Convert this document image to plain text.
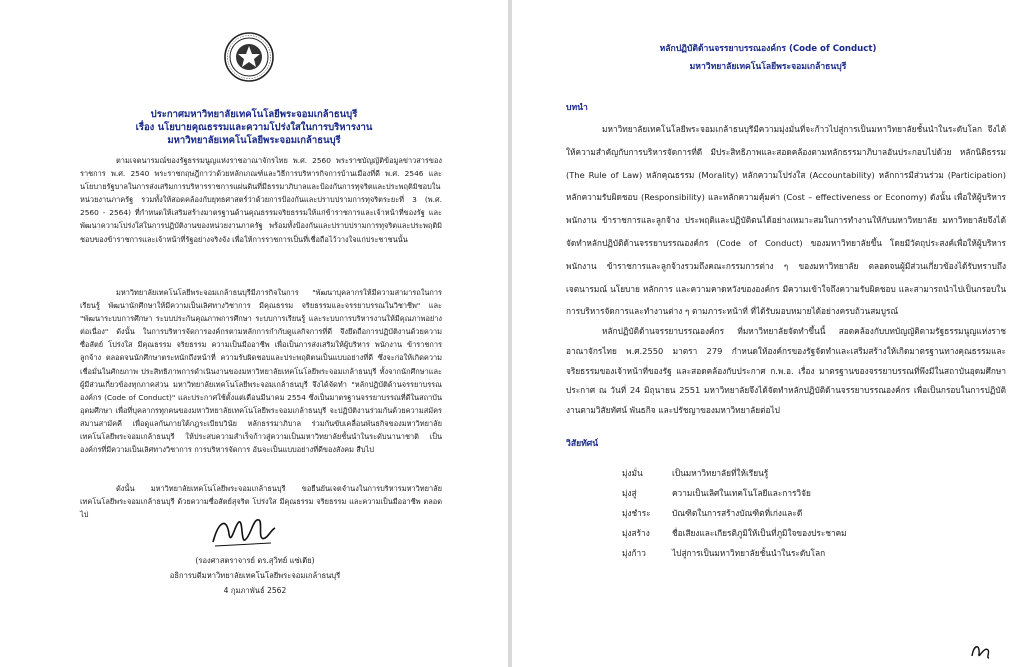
ประกาศมหาวิทยาลัยเทคโนโลยีพระจอมเกล้าธนบุรี

เรื่อง นโยบายคุณธรรมและความโปร่งใสในการบริหารงาน

มหาวิทยาลัยเทคโนโลยีพระจอมเกล้าธนบุรี

ตามเจตนารมณ์ของรัฐธรรมนูญแห่งราชอาณาจักรไทย พ.ศ. 2560 พระราชบัญญัติข้อมูลข่าวสารของราชการ พ.ศ. 2540 พระราชกฤษฎีกาว่าด้วยหลักเกณฑ์และวิธีการบริหารกิจการบ้านเมืองที่ดี พ.ศ. 2546 และนโยบายรัฐบาลในการส่งเสริมการบริหารราชการแผ่นดินที่มีธรรมาภิบาลและป้องกันการทุจริตและประพฤติมิชอบในหน่วยงานภาครัฐ รวมทั้งให้สอดคล้องกับยุทธศาสตร์ว่าด้วยการป้องกันและปราบปรามการทุจริตระยะที่ 3 (พ.ศ. 2560 - 2564) ที่กำหนดให้เสริมสร้างมาตรฐานด้านคุณธรรมจริยธรรมให้แก่ข้าราชการและเจ้าหน้าที่ของรัฐ และพัฒนาความโปร่งใสในการปฏิบัติงานของหน่วยงานภาครัฐ พร้อมทั้งป้องกันและปราบปรามการทุจริตและประพฤติมิชอบของข้าราชการและเจ้าหน้าที่รัฐอย่างจริงจัง เพื่อให้การราชการเป็นที่เชื่อถือไว้วางใจแก่ประชาชนนั้น

มหาวิทยาลัยเทคโนโลยีพระจอมเกล้าธนบุรีมีภารกิจในการ "พัฒนาบุคลากรให้มีความสามารถในการเรียนรู้ พัฒนานักศึกษาให้มีความเป็นเลิศทางวิชาการ มีคุณธรรม จริยธรรมและจรรยาบรรณในวิชาชีพ" และ "พัฒนาระบบการศึกษา ระบบประกันคุณภาพการศึกษา ระบบการเรียนรู้ และระบบการบริหารงานให้มีคุณภาพอย่างต่อเนื่อง" ดังนั้น ในการบริหารจัดการองค์กรตามหลักการกำกับดูแลกิจการที่ดี จึงยึดถือการปฏิบัติงานด้วยความซื่อสัตย์ โปร่งใส มีคุณธรรม จริยธรรม ความเป็นมืออาชีพ เพื่อเป็นการส่งเสริมให้ผู้บริหาร พนักงาน ข้าราชการ ลูกจ้าง ตลอดจนนักศึกษาตระหนักถึงหน้าที่ ความรับผิดชอบและประพฤติตนเป็นแบบอย่างที่ดี ซึ่งจะก่อให้เกิดความเชื่อมั่นในศักยภาพ ประสิทธิภาพการดำเนินงานของมหาวิทยาลัยเทคโนโลยีพระจอมเกล้าธนบุรี ทั้งจากนักศึกษาและผู้มีส่วนเกี่ยวข้องทุกภาคส่วน มหาวิทยาลัยเทคโนโลยีพระจอมเกล้าธนบุรี จึงได้จัดทำ "หลักปฏิบัติด้านจรรยาบรรณองค์กร (Code of Conduct)" และประกาศใช้ตั้งแต่เดือนมีนาคม 2554 ซึ่งเป็นมาตรฐานจรรยาบรรณที่ดีในสถาบันอุดมศึกษา เพื่อที่บุคลากรทุกคนของมหาวิทยาลัยเทคโนโลยีพระจอมเกล้าธนบุรี จะปฏิบัติงานร่วมกันด้วยความสมัครสมานสามัคคี เพื่อดูแลกันภายใต้กฎระเบียบวินัย หลักธรรมาภิบาล ร่วมกันขับเคลื่อนพันธกิจของมหาวิทยาลัยเทคโนโลยีพระจอมเกล้าธนบุรี ให้ประสบความสำเร็จก้าวสู่ความเป็นมหาวิทยาลัยชั้นนำในระดับนานาชาติ เป็นองค์กรที่มีความเป็นเลิศทางวิชาการ การบริหารจัดการ อันจะเป็นแบบอย่างที่ดีของสังคม สืบไป

ดังนั้น มหาวิทยาลัยเทคโนโลยีพระจอมเกล้าธนบุรี ขอยืนยันเจตจำนงในการบริหารมหาวิทยาลัยเทคโนโลยีพระจอมเกล้าธนบุรี ด้วยความซื่อสัตย์สุจริต โปร่งใส มีคุณธรรม จริยธรรม และความเป็นมืออาชีพ ตลอดไป

(รองศาสตราจารย์ ดร.สุวิทย์ แซ่เตีย)

อธิการบดีมหาวิทยาลัยเทคโนโลยีพระจอมเกล้าธนบุรี

4 กุมภาพันธ์ 2562

หลักปฏิบัติด้านจรรยาบรรณองค์กร (Code of Conduct)

มหาวิทยาลัยเทคโนโลยีพระจอมเกล้าธนบุรี

บทนำ

มหาวิทยาลัยเทคโนโลยีพระจอมเกล้าธนบุรีมีความมุ่งมั่นที่จะก้าวไปสู่การเป็นมหาวิทยาลัยชั้นนำในระดับโลก จึงได้ให้ความสำคัญกับการบริหารจัดการที่ดี มีประสิทธิภาพและสอดคล้องตามหลักธรรมาภิบาลอันประกอบไปด้วย หลักนิติธรรม (The Rule of Law) หลักคุณธรรม (Morality) หลักความโปร่งใส (Accountability) หลักการมีส่วนร่วม (Participation) หลักความรับผิดชอบ (Responsibility) และหลักความคุ้มค่า (Cost – effectiveness or Economy) ดังนั้น เพื่อให้ผู้บริหาร พนักงาน ข้าราชการและลูกจ้าง ประพฤติและปฏิบัติตนได้อย่างเหมาะสมในการทำงานให้กับมหาวิทยาลัย มหาวิทยาลัยจึงได้จัดทำหลักปฏิบัติด้านจรรยาบรรณองค์กร (Code of Conduct) ของมหาวิทยาลัยขึ้น โดยมีวัตถุประสงค์เพื่อให้ผู้บริหาร พนักงาน ข้าราชการและลูกจ้างรวมถึงคณะกรรมการต่าง ๆ ของมหาวิทยาลัย ตลอดจนผู้มีส่วนเกี่ยวข้องได้รับทราบถึงเจตนารมณ์ นโยบาย หลักการ และความคาดหวังขององค์กร มีความเข้าใจถึงความรับผิดชอบ และสามารถนำไปเป็นกรอบในการบริหารจัดการและทำงานต่าง ๆ ตามภาระหน้าที่ ที่ได้รับมอบหมายได้อย่างครบถ้วนสมบูรณ์

หลักปฏิบัติด้านจรรยาบรรณองค์กร ที่มหาวิทยาลัยจัดทำขึ้นนี้ สอดคล้องกับบทบัญญัติตามรัฐธรรมนูญแห่งราชอาณาจักรไทย พ.ศ.2550 มาตรา 279 กำหนดให้องค์กรของรัฐจัดทำและเสริมสร้างให้เกิดมาตรฐานทางคุณธรรมและจริยธรรมของเจ้าหน้าที่ของรัฐ และสอดคล้องกับประกาศ ก.พ.อ. เรื่อง มาตรฐานของจรรยาบรรณที่พึงมีในสถาบันอุดมศึกษา ประกาศ ณ วันที่ 24 มิถุนายน 2551 มหาวิทยาลัยจึงได้จัดทำหลักปฏิบัติด้านจรรยาบรรณองค์กร เพื่อเป็นกรอบในการปฏิบัติงานตามวิสัยทัศน์ พันธกิจ และปรัชญาของมหาวิทยาลัยต่อไป

วิสัยทัศน์

มุ่งมั่น	เป็นมหาวิทยาลัยที่ให้เรียนรู้
มุ่งสู่	ความเป็นเลิศในเทคโนโลยีและการวิจัย
มุ่งชำระ	บัณฑิตในการสร้างบัณฑิตที่เก่งและดี
มุ่งสร้าง	ชื่อเสียงและเกียรติภูมิให้เป็นที่ภูมิใจของประชาคม
มุ่งก้าว	ไปสู่การเป็นมหาวิทยาลัยชั้นนำในระดับโลก
